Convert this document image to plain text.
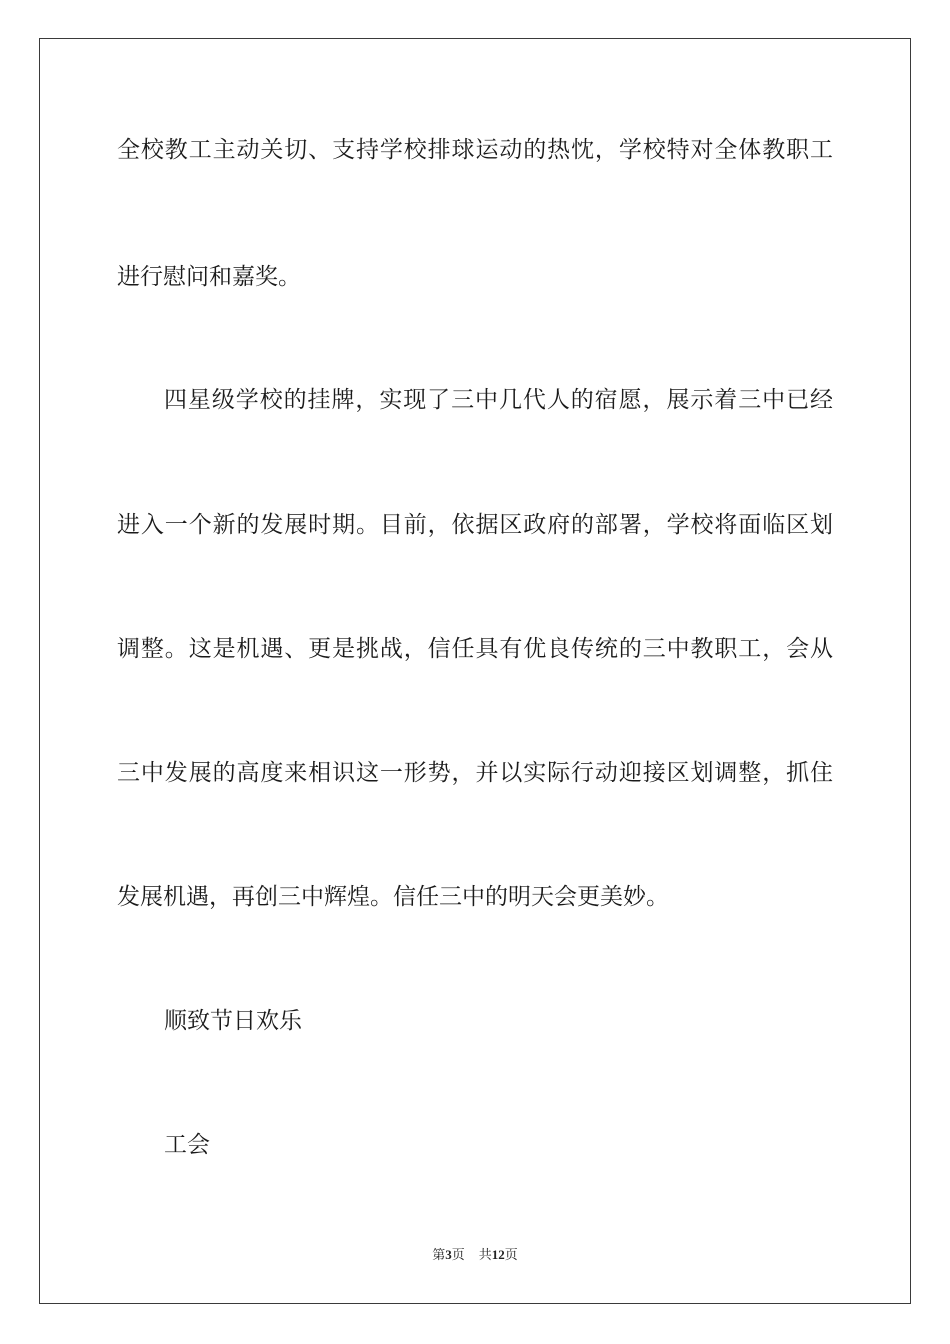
全校教工主动关切、支持学校排球运动的热忱，学校特对全体教职工
进行慰问和嘉奖。
四星级学校的挂牌，实现了三中几代人的宿愿，展示着三中已经
进入一个新的发展时期。目前，依据区政府的部署，学校将面临区划
调整。这是机遇、更是挑战，信任具有优良传统的三中教职工，会从
三中发展的高度来相识这一形势，并以实际行动迎接区划调整，抓住
发展机遇，再创三中辉煌。信任三中的明天会更美妙。
顺致节日欢乐
工会
第3页 共12页
